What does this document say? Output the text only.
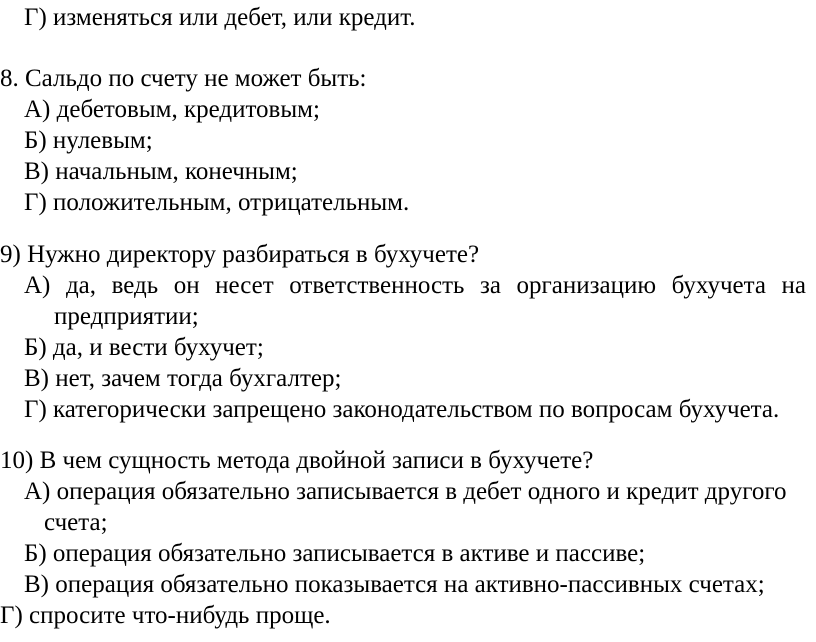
Г) изменяться или дебет, или кредит.
8. Сальдо по счету не может быть:
А) дебетовым, кредитовым;
Б) нулевым;
В) начальным, конечным;
Г) положительным, отрицательным.
9) Нужно директору разбираться в бухучете?
А) да, ведь он несет ответственность за организацию бухучета на
предприятии;
Б) да, и вести бухучет;
В) нет, зачем тогда бухгалтер;
Г) категорически запрещено законодательством по вопросам бухучета.
10) В чем сущность метода двойной записи в бухучете?
А) операция обязательно записывается в дебет одного и кредит другого
счета;
Б) операция обязательно записывается в активе и пассиве;
В) операция обязательно показывается на активно-пассивных счетах;
Г) спросите что-нибудь проще.
